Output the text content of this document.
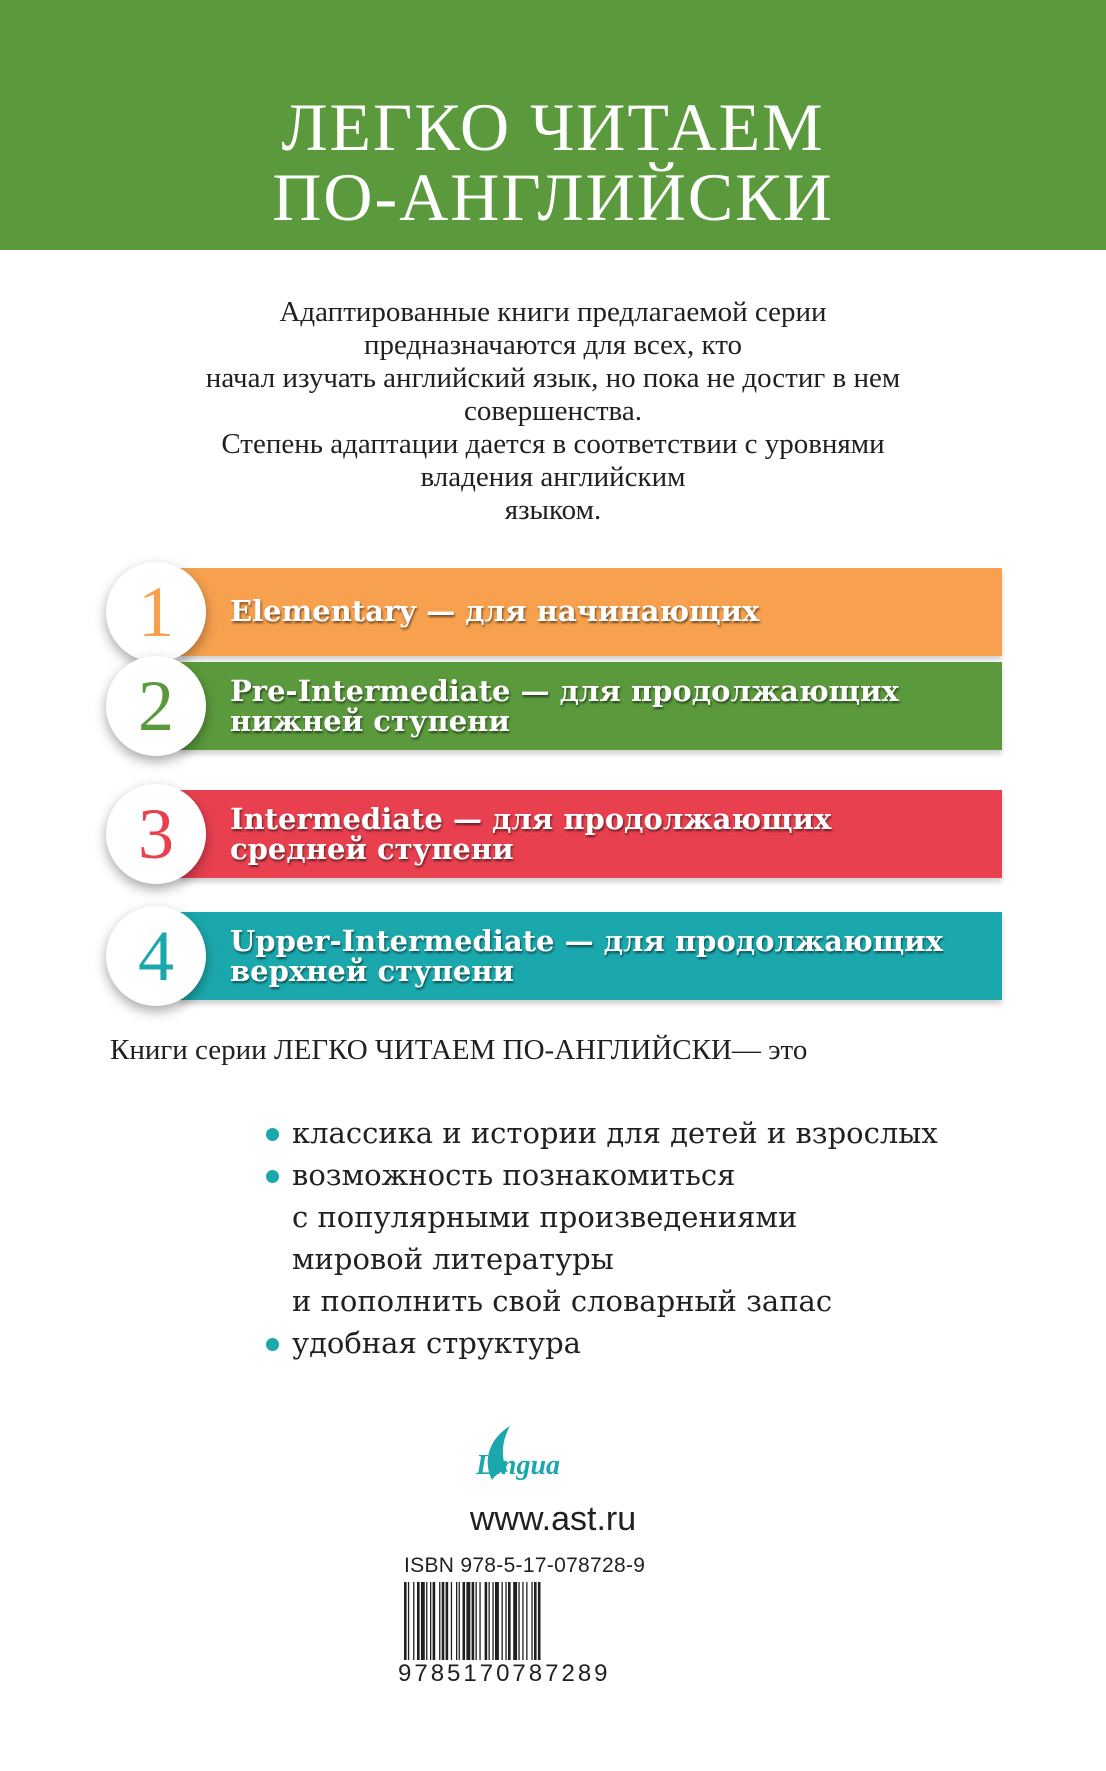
ЛЕГКО ЧИТАЕМ
ПО-АНГЛИЙСКИ
Адаптированные книги предлагаемой серии
предназначаются для всех, кто
начал изучать английский язык, но пока не достиг в нем
совершенства.
Степень адаптации дается в соответствии с уровнями
владения английским
языком.
1	Elementary — для начинающих
2	Pre-Intermediate — для продолжающих
нижней ступени
3	Intermediate — для продолжающих
средней ступени
4	Upper-Intermediate — для продолжающих
верхней ступени
Книги серии ЛЕГКО ЧИТАЕМ ПО-АНГЛИЙСКИ— это
классика и истории для детей и взрослых
возможность познакомиться
с популярными произведениями
мировой литературы
и пополнить свой словарный запас
удобная структура
Lingua
www.ast.ru
ISBN 978-5-17-078728-9
9785170787289
